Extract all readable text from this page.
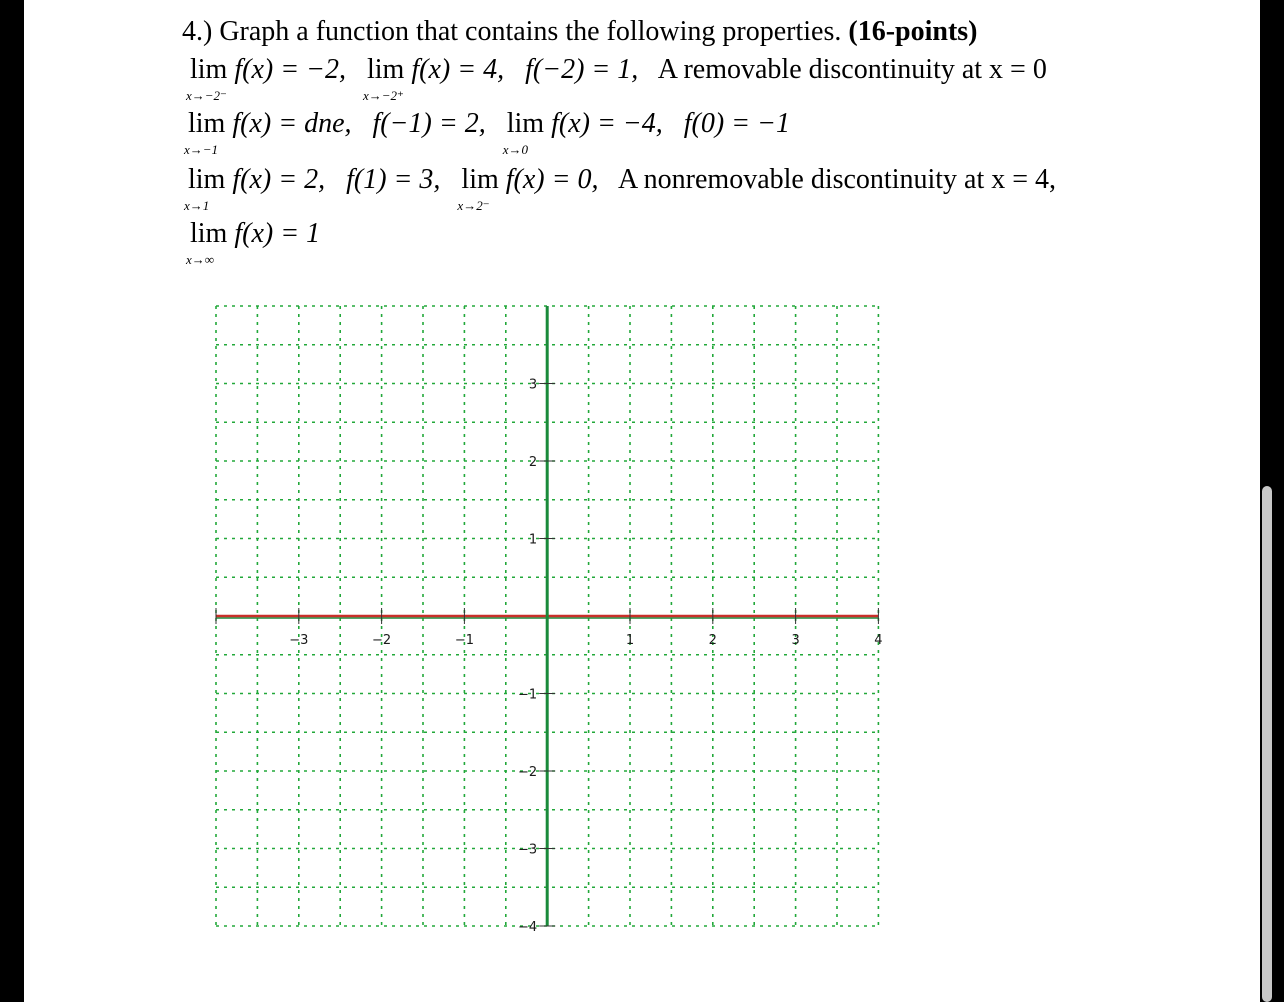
4.) Graph a function that contains the following properties. (16-points)
lim
x→−2⁻
f(x) = −2, lim
x→−2⁺
f(x) = 4, f(−2) = 1, A removable discontinuity at x = 0
lim
x→−1
f(x) = dne, f(−1) = 2, lim
x→0
f(x) = −4, f(0) = −1
lim
x→1
f(x) = 2, f(1) = 3, lim
x→2⁻
f(x) = 0, A nonremovable discontinuity at x = 4,
lim
x→∞
f(x) = 1
−3	−2	−1	1	2	3	4
3
2
1
−1
−2
−3
−4
